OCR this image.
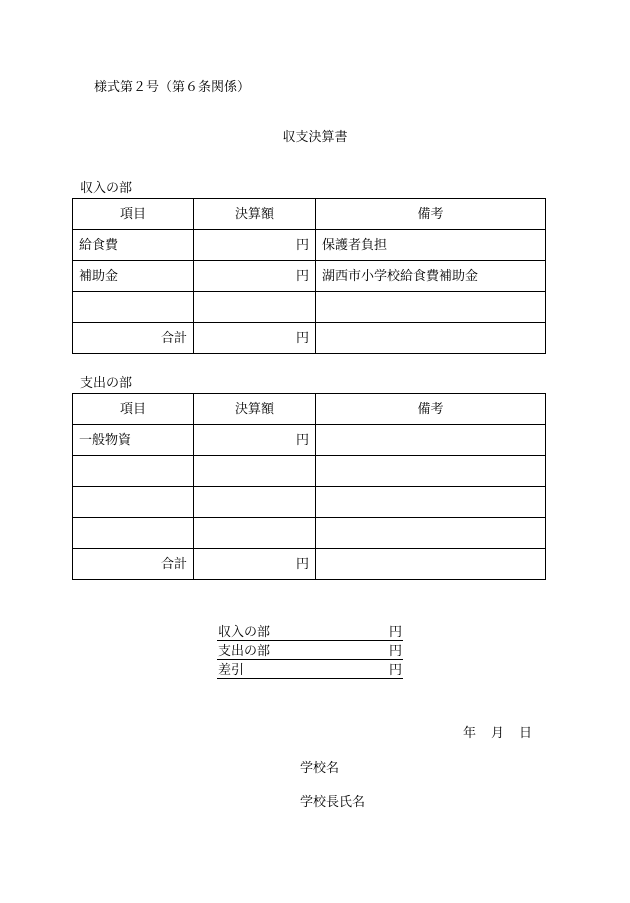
様式第２号（第６条関係）
収支決算書
収入の部
項目	決算額	備考
給食費	円	保護者負担
補助金	円	湖西市小学校給食費補助金

合計	円	
支出の部
項目	決算額	備考
一般物資	円	

合計	円	
収入の部	円
支出の部	円
差引	円
年 月 日
学校名
学校長氏名
